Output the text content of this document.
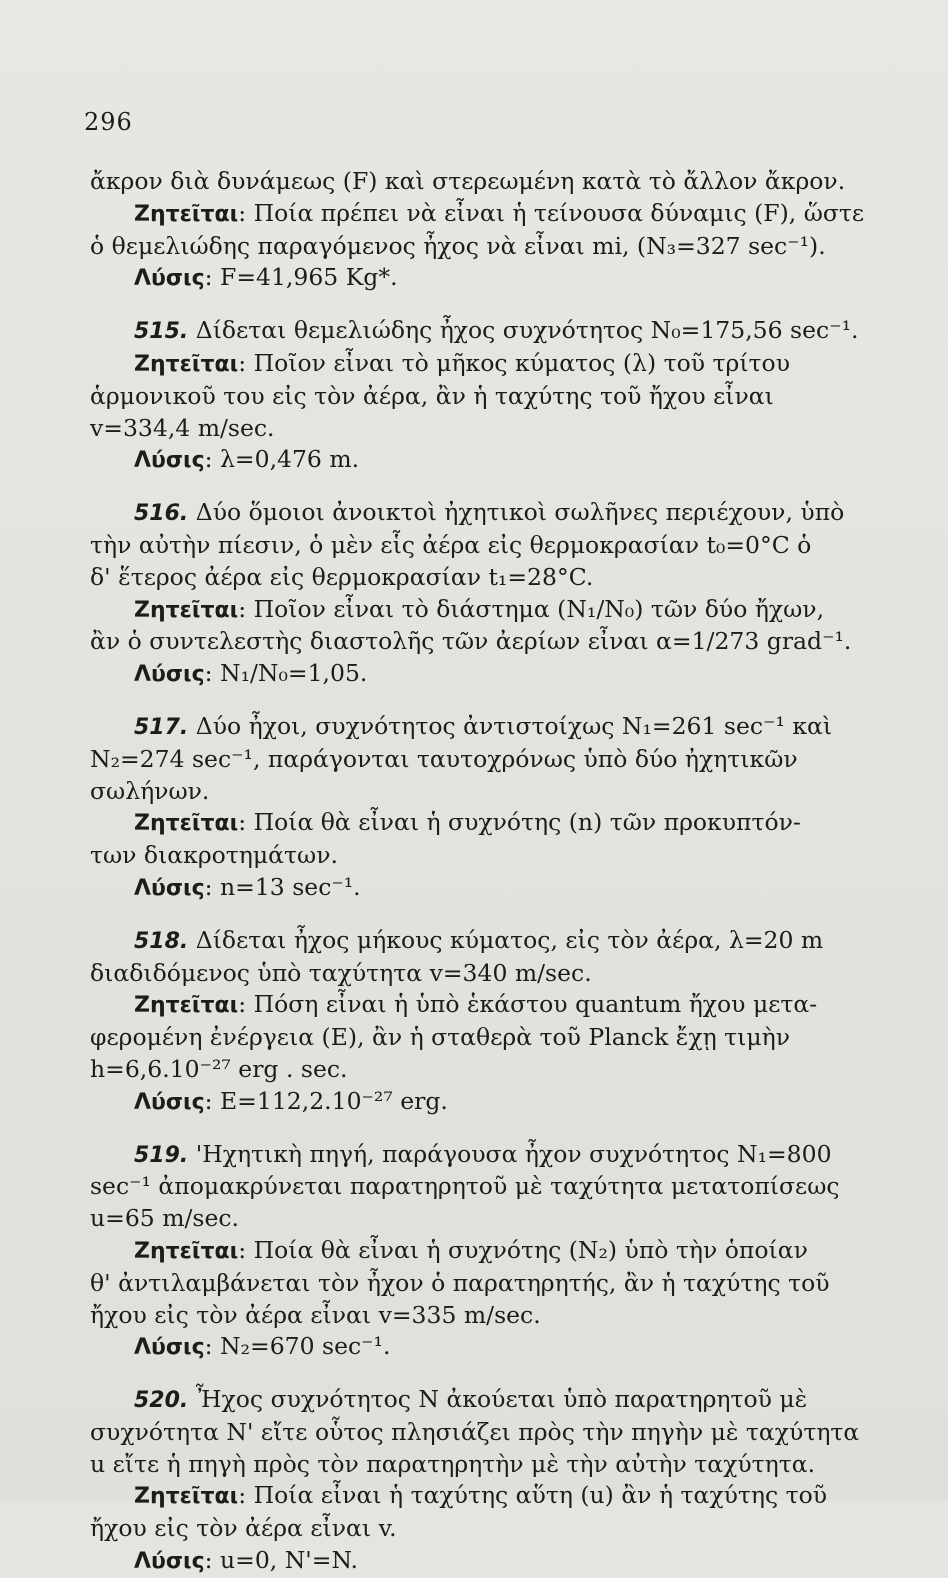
296
ἄκρον διὰ δυνάμεως (F) καὶ στερεωμένη κατὰ τὸ ἄλλον ἄκρον.
Ζητεῖται: Ποία πρέπει νὰ εἶναι ἡ τείνουσα δύναμις (F), ὥστε
ὁ θεμελιώδης παραγόμενος ἦχος νὰ εἶναι mi, (N₃=327 sec⁻¹).
Λύσις: F=41,965 Kg*.
515. Δίδεται θεμελιώδης ἦχος συχνότητος N₀=175,56 sec⁻¹.
Ζητεῖται: Ποῖον εἶναι τὸ μῆκος κύματος (λ) τοῦ τρίτου
ἁρμονικοῦ του εἰς τὸν ἀέρα, ἂν ἡ ταχύτης τοῦ ἤχου εἶναι
v=334,4 m/sec.
Λύσις: λ=0,476 m.
516. Δύο ὅμοιοι ἀνοικτοὶ ἠχητικοὶ σωλῆνες περιέχουν, ὑπὸ
τὴν αὐτὴν πίεσιν, ὁ μὲν εἷς ἀέρα εἰς θερμοκρασίαν t₀=0°C ὁ
δ' ἕτερος ἀέρα εἰς θερμοκρασίαν t₁=28°C.
Ζητεῖται: Ποῖον εἶναι τὸ διάστημα (N₁/N₀) τῶν δύο ἤχων,
ἂν ὁ συντελεστὴς διαστολῆς τῶν ἀερίων εἶναι α=1/273 grad⁻¹.
Λύσις: N₁/N₀=1,05.
517. Δύο ἦχοι, συχνότητος ἀντιστοίχως N₁=261 sec⁻¹ καὶ
N₂=274 sec⁻¹, παράγονται ταυτοχρόνως ὑπὸ δύο ἠχητικῶν
σωλήνων.
Ζητεῖται: Ποία θὰ εἶναι ἡ συχνότης (n) τῶν προκυπτόν-
των διακροτημάτων.
Λύσις: n=13 sec⁻¹.
518. Δίδεται ἦχος μήκους κύματος, εἰς τὸν ἀέρα, λ=20 m
διαδιδόμενος ὑπὸ ταχύτητα v=340 m/sec.
Ζητεῖται: Πόση εἶναι ἡ ὑπὸ ἑκάστου quantum ἤχου μετα-
φερομένη ἐνέργεια (E), ἂν ἡ σταθερὰ τοῦ Planck ἔχῃ τιμὴν
h=6,6.10⁻²⁷ erg . sec.
Λύσις: E=112,2.10⁻²⁷ erg.
519. 'Ηχητικὴ πηγή, παράγουσα ἦχον συχνότητος N₁=800
sec⁻¹ ἀπομακρύνεται παρατηρητοῦ μὲ ταχύτητα μετατοπίσεως
u=65 m/sec.
Ζητεῖται: Ποία θὰ εἶναι ἡ συχνότης (N₂) ὑπὸ τὴν ὁποίαν
θ' ἀντιλαμβάνεται τὸν ἦχον ὁ παρατηρητής, ἂν ἡ ταχύτης τοῦ
ἤχου εἰς τὸν ἀέρα εἶναι v=335 m/sec.
Λύσις: N₂=670 sec⁻¹.
520. Ἦχος συχνότητος N ἀκούεται ὑπὸ παρατηρητοῦ μὲ
συχνότητα N' εἴτε οὗτος πλησιάζει πρὸς τὴν πηγὴν μὲ ταχύτητα
u εἴτε ἡ πηγὴ πρὸς τὸν παρατηρητὴν μὲ τὴν αὐτὴν ταχύτητα.
Ζητεῖται: Ποία εἶναι ἡ ταχύτης αὕτη (u) ἂν ἡ ταχύτης τοῦ
ἤχου εἰς τὸν ἀέρα εἶναι v.
Λύσις: u=0, N'=N.
